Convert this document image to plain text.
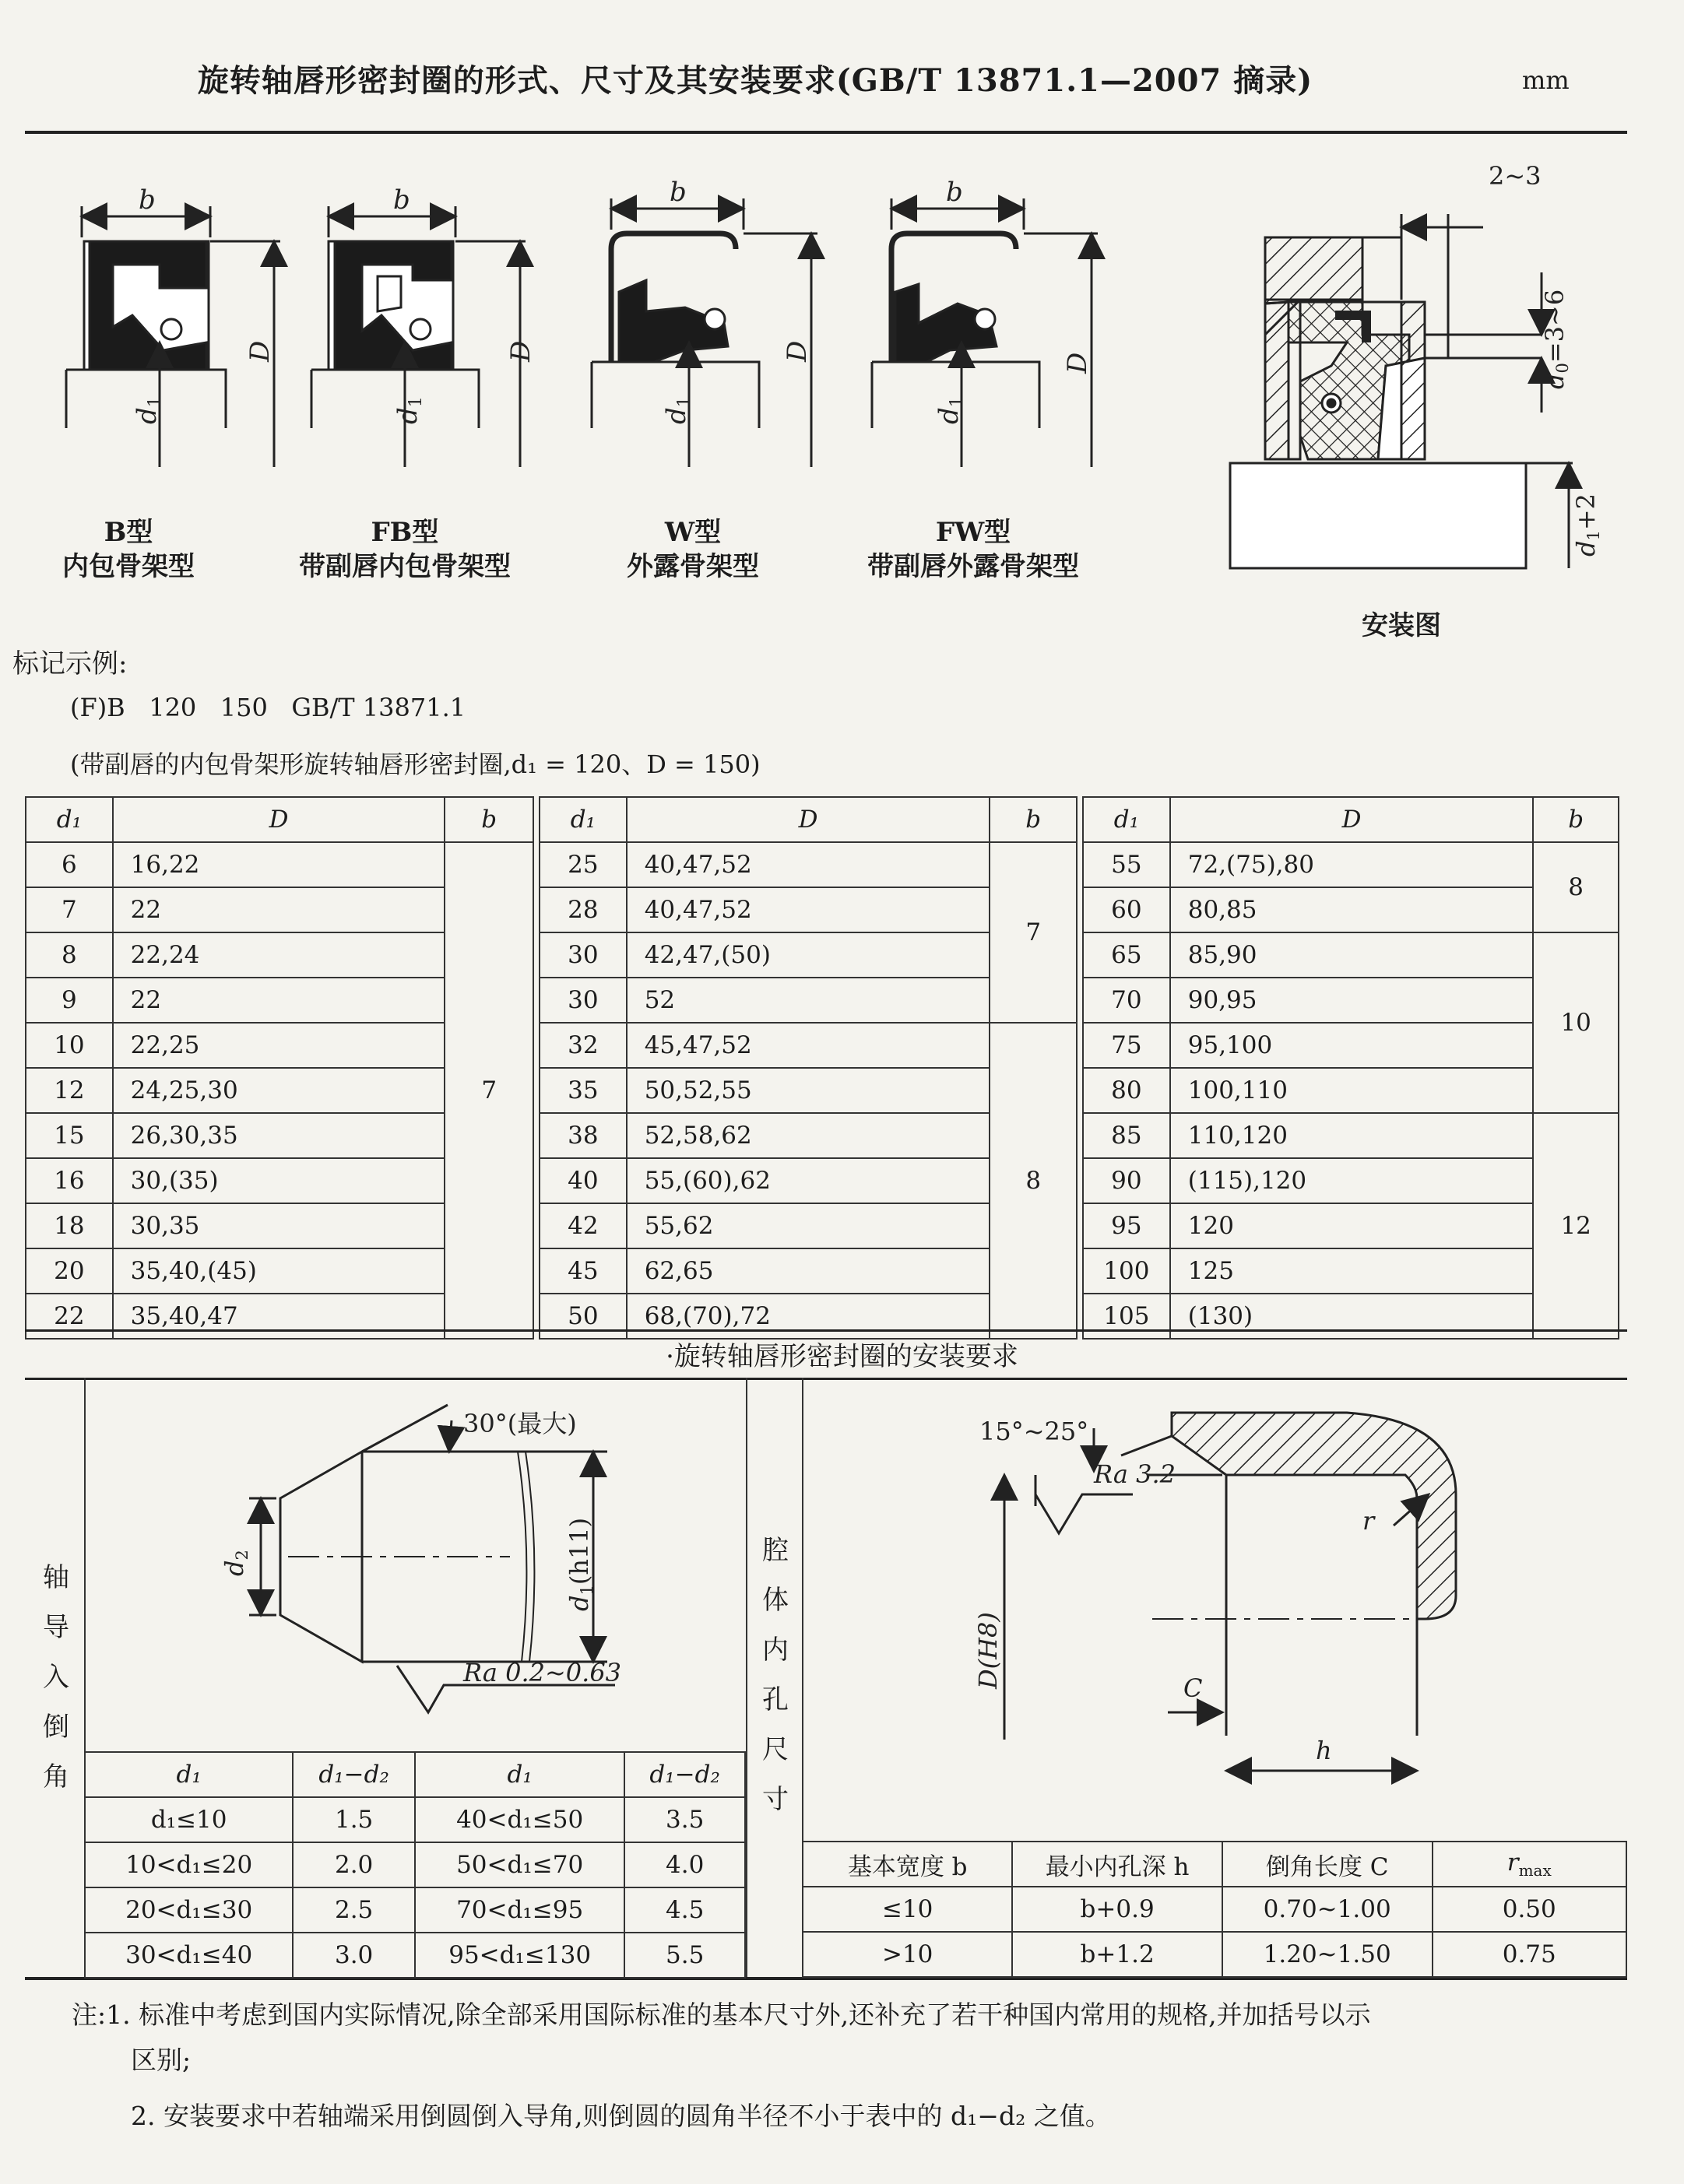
旋转轴唇形密封圈的形式、尺寸及其安装要求(GB/T 13871.1—2007 摘录)	mm
b	b	b	b
D	D	D
D
d1
d1
d1
d1
B型
内包骨架型
FB型
带副唇内包骨架型
W型
外露骨架型
FW型
带副唇外露骨架型
2~3
d0=3~6
d1+2
安装图
标记示例:
(F)B   120   150   GB/T 13871.1
(带副唇的内包骨架形旋转轴唇形密封圈,d₁ = 120、D = 150)
d₁	D	b
6	16,22	7
7	22	
8	22,24	
9	22	
10	22,25	
12	24,25,30	
15	26,30,35	
16	30,(35)	
18	30,35	
20	35,40,(45)	
22	35,40,47	
d₁	D	b
25	40,47,52	7
28	40,47,52	
30	42,47,(50)	
30	52	
32	45,47,52	8
35	50,52,55	
38	52,58,62	
40	55,(60),62	
42	55,62	
45	62,65	
50	68,(70),72	
d₁	D	b
55	72,(75),80	8
60	80,85	
65	85,90	10
70	90,95	
75	95,100	
80	100,110	
85	110,120	12
90	(115),120	
95	120	
100	125	
105	(130)	
·旋转轴唇形密封圈的安装要求
轴
导
入
倒
角
腔
体
内
孔
尺
寸
30°(最大)
d2
d1(h11)
Ra 0.2~0.63
d₁	d₁−d₂	d₁	d₁−d₂
d₁≤10	1.5	40<d₁≤50	3.5
10<d₁≤20	2.0	50<d₁≤70	4.0
20<d₁≤30	2.5	70<d₁≤95	4.5
30<d₁≤40	3.0	95<d₁≤130	5.5
15°~25°
Ra 3.2
r
D(H8)	C
h
基本宽度 b	最小内孔深 h	倒角长度 C	$r_{max}$
≤10	b+0.9	0.70~1.00	0.50
>10	b+1.2	1.20~1.50	0.75
注:1. 标准中考虑到国内实际情况,除全部采用国际标准的基本尺寸外,还补充了若干种国内常用的规格,并加括号以示
区别;
2. 安装要求中若轴端采用倒圆倒入导角,则倒圆的圆角半径不小于表中的 d₁−d₂ 之值。
